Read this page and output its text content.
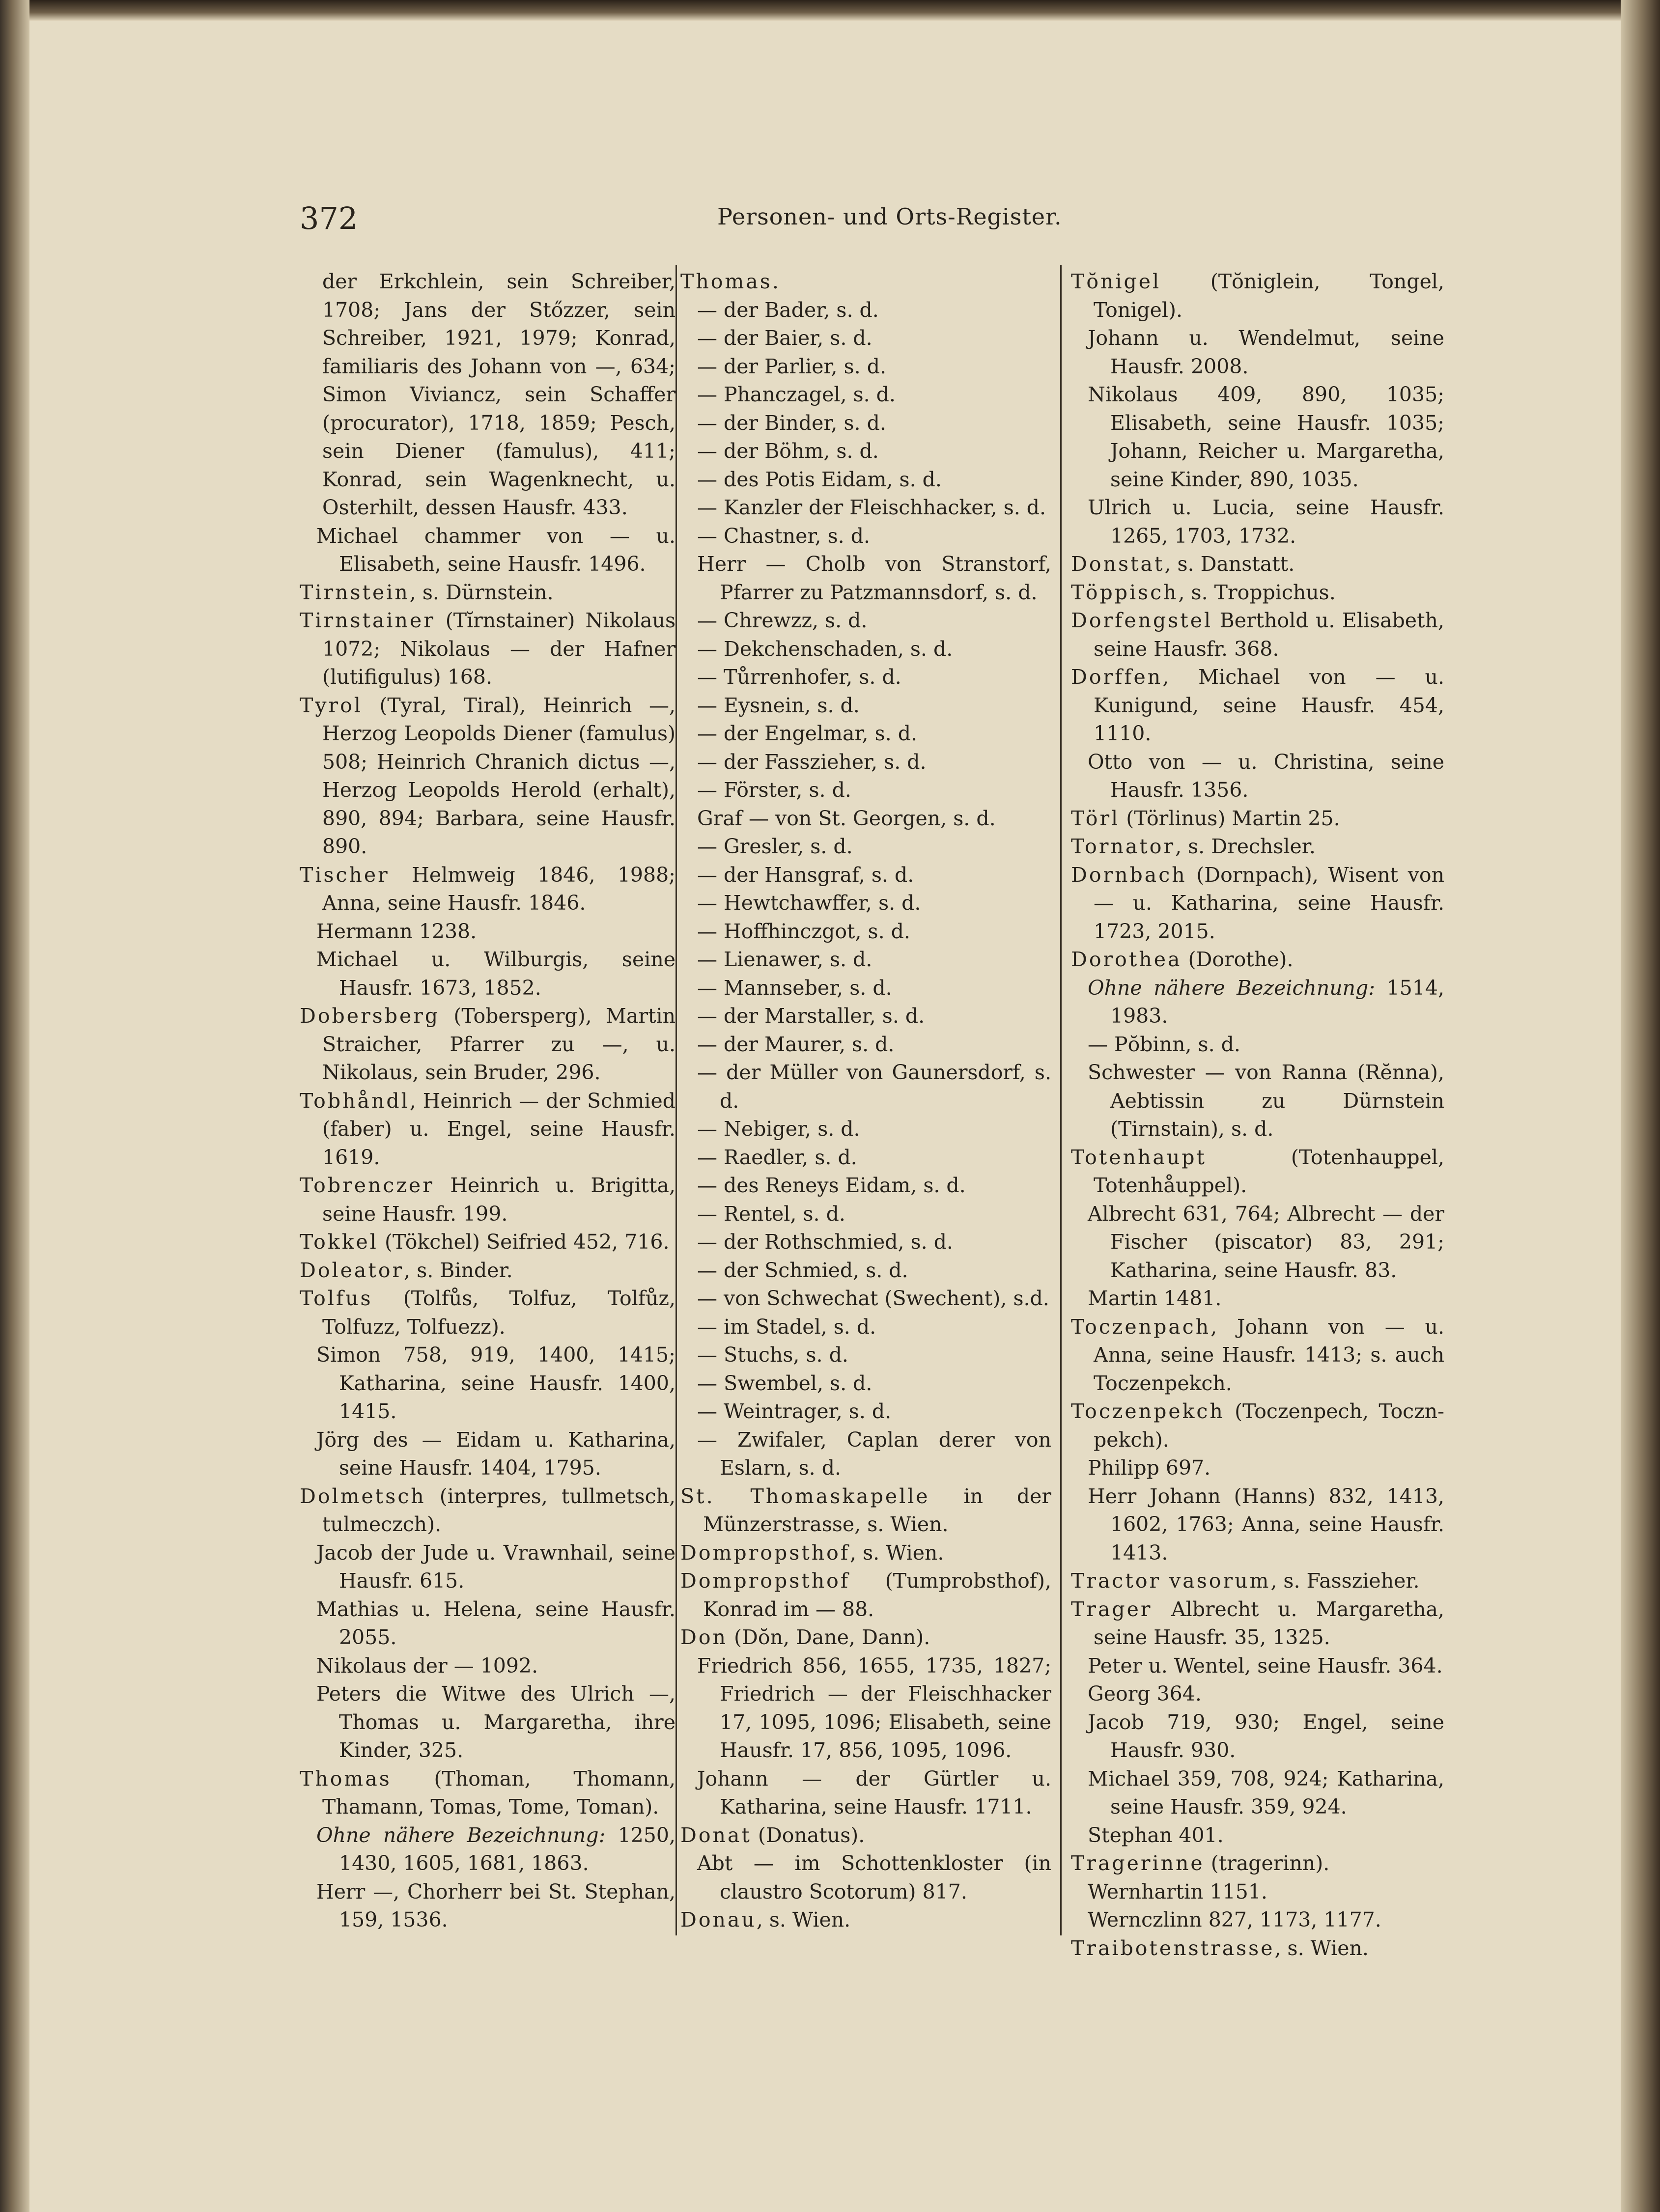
372	Personen- und Orts-Register.
der Erkchlein, sein Schreiber, 1708; Jans der Stőzzer, sein Schreiber, 1921, 1979; Konrad, familiaris des Johann von —, 634; Simon Viviancz, sein Schaffer (procurator), 1718, 1859; Pesch, sein Diener (famulus), 411; Konrad, sein Wagenknecht, u. Osterhilt, dessen Hausfr. 433.
Michael chammer von — u. Elisabeth, seine Hausfr. 1496.
Tirnstein, s. Dürnstein.
Tirnstainer (Tĭrnstainer) Nikolaus 1072; Nikolaus — der Hafner (lutifigulus) 168.
Tyrol (Tyral, Tiral), Heinrich —, Herzog Leopolds Diener (famulus) 508; Heinrich Chranich dictus —, Herzog Leopolds Herold (erhalt), 890, 894; Barbara, seine Hausfr. 890.
Tischer Helmweig 1846, 1988; Anna, seine Hausfr. 1846.
Hermann 1238.
Michael u. Wilburgis, seine Hausfr. 1673, 1852.
Dobersberg (Tobersperg), Martin Straicher, Pfarrer zu —, u. Nikolaus, sein Bruder, 296.
Tobhåndl, Heinrich — der Schmied (faber) u. Engel, seine Hausfr. 1619.
Tobrenczer Heinrich u. Brigitta, seine Hausfr. 199.
Tokkel (Tökchel) Seifried 452, 716.
Doleator, s. Binder.
Tolfus (Tolfůs, Tolfuz, Tolfůz, Tolfuzz, Tolfuezz).
Simon 758, 919, 1400, 1415; Katharina, seine Hausfr. 1400, 1415.
Jörg des — Eidam u. Katharina, seine Hausfr. 1404, 1795.
Dolmetsch (interpres, tullmetsch, tulmeczch).
Jacob der Jude u. Vrawnhail, seine Hausfr. 615.
Mathias u. Helena, seine Hausfr. 2055.
Nikolaus der — 1092.
Peters die Witwe des Ulrich —, Thomas u. Margaretha, ihre Kinder, 325.
Thomas (Thoman, Thomann, Thamann, Tomas, Tome, Toman).
Ohne nähere Bezeichnung: 1250, 1430, 1605, 1681, 1863.
Herr —, Chorherr bei St. Stephan, 159, 1536.
Thomas.
— der Bader, s. d.
— der Baier, s. d.
— der Parlier, s. d.
— Phanczagel, s. d.
— der Binder, s. d.
— der Böhm, s. d.
— des Potis Eidam, s. d.
— Kanzler der Fleischhacker, s. d.
— Chastner, s. d.
Herr — Cholb von Stranstorf, Pfarrer zu Patzmannsdorf, s. d.
— Chrewzz, s. d.
— Dekchenschaden, s. d.
— Tůrrenhofer, s. d.
— Eysnein, s. d.
— der Engelmar, s. d.
— der Fasszieher, s. d.
— Förster, s. d.
Graf — von St. Georgen, s. d.
— Gresler, s. d.
— der Hansgraf, s. d.
— Hewtchawffer, s. d.
— Hoffhinczgot, s. d.
— Lienawer, s. d.
— Mannseber, s. d.
— der Marstaller, s. d.
— der Maurer, s. d.
— der Müller von Gaunersdorf, s. d.
— Nebiger, s. d.
— Raedler, s. d.
— des Reneys Eidam, s. d.
— Rentel, s. d.
— der Rothschmied, s. d.
— der Schmied, s. d.
— von Schwechat (Swechent), s.d.
— im Stadel, s. d.
— Stuchs, s. d.
— Swembel, s. d.
— Weintrager, s. d.
— Zwifaler, Caplan derer von Eslarn, s. d.
St. Thomaskapelle in der Münzerstrasse, s. Wien.
Dompropsthof, s. Wien.
Dompropsthof (Tumprobsthof), Konrad im — 88.
Don (Dŏn, Dane, Dann).
Friedrich 856, 1655, 1735, 1827; Friedrich — der Fleischhacker 17, 1095, 1096; Elisabeth, seine Hausfr. 17, 856, 1095, 1096.
Johann — der Gürtler u. Katharina, seine Hausfr. 1711.
Donat (Donatus).
Abt — im Schottenkloster (in claustro Scotorum) 817.
Donau, s. Wien.
Tŏnigel (Tŏniglein, Tongel, Tonigel).
Johann u. Wendelmut, seine Hausfr. 2008.
Nikolaus 409, 890, 1035; Elisabeth, seine Hausfr. 1035; Johann, Reicher u. Margaretha, seine Kinder, 890, 1035.
Ulrich u. Lucia, seine Hausfr. 1265, 1703, 1732.
Donstat, s. Danstatt.
Töppisch, s. Troppichus.
Dorfengstel Berthold u. Elisabeth, seine Hausfr. 368.
Dorffen, Michael von — u. Kunigund, seine Hausfr. 454, 1110.
Otto von — u. Christina, seine Hausfr. 1356.
Törl (Törlinus) Martin 25.
Tornator, s. Drechsler.
Dornbach (Dornpach), Wisent von — u. Katharina, seine Hausfr. 1723, 2015.
Dorothea (Dorothe).
Ohne nähere Bezeichnung: 1514, 1983.
— Pŏbinn, s. d.
Schwester — von Ranna (Rĕnna), Aebtissin zu Dürnstein (Tirnstain), s. d.
Totenhaupt (Totenhauppel, Totenhåuppel).
Albrecht 631, 764; Albrecht — der Fischer (piscator) 83, 291; Katharina, seine Hausfr. 83.
Martin 1481.
Toczenpach, Johann von — u. Anna, seine Hausfr. 1413; s. auch Toczenpekch.
Toczenpekch (Toczenpech, Tocznpekch).
Philipp 697.
Herr Johann (Hanns) 832, 1413, 1602, 1763; Anna, seine Hausfr. 1413.
Tractor vasorum, s. Fasszieher.
Trager Albrecht u. Margaretha, seine Hausfr. 35, 1325.
Peter u. Wentel, seine Hausfr. 364.
Georg 364.
Jacob 719, 930; Engel, seine Hausfr. 930.
Michael 359, 708, 924; Katharina, seine Hausfr. 359, 924.
Stephan 401.
Tragerinne (tragerinn).
Wernhartin 1151.
Wernczlinn 827, 1173, 1177.
Traibotenstrasse, s. Wien.
